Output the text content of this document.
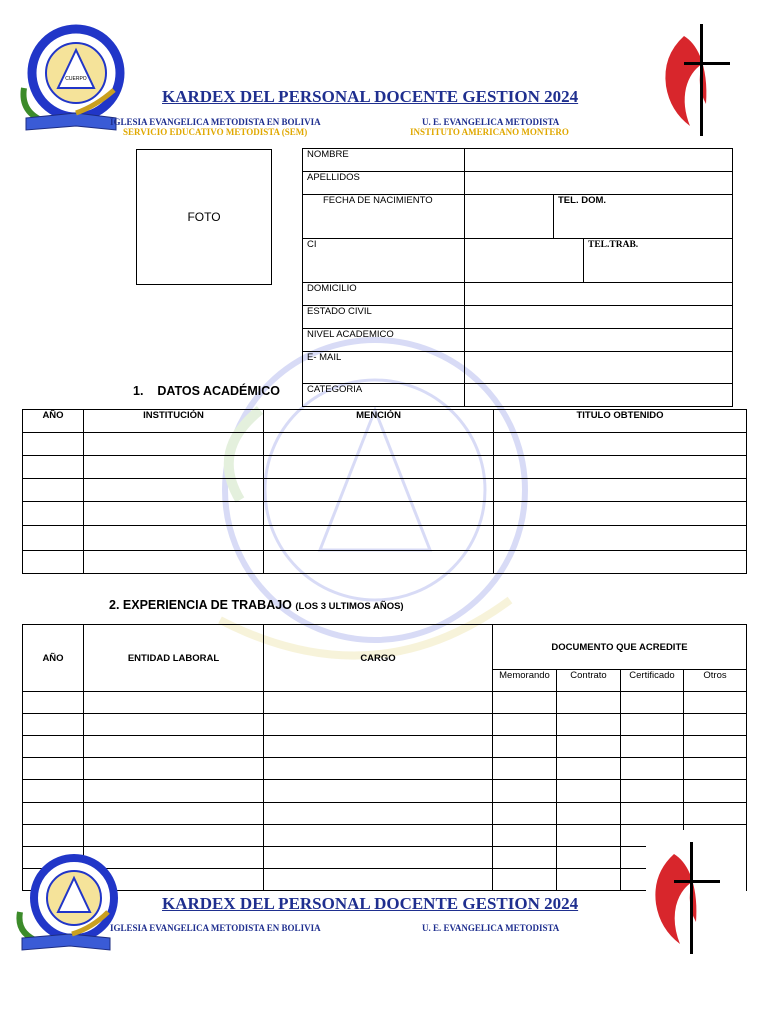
CUERPO
KARDEX DEL PERSONAL DOCENTE GESTION 2024
IGLESIA EVANGELICA METODISTA EN BOLIVIA
SERVICIO EDUCATIVO METODISTA (SEM)
U. E. EVANGELICA METODISTA
INSTITUTO AMERICANO MONTERO
FOTO
NOMBRE			
APELLIDOS			
FECHA DE NACIMIENTO		TEL. DOM.	
CI			TEL.TRAB.
DOMICILIO			
ESTADO CIVIL			
NIVEL ACADEMICO			
E- MAIL			
CATEGORIA			
1. DATOS ACADÉMICO
AÑO	INSTITUCIÓN	MENCIÓN	TITULO OBTENIDO

2. EXPERIENCIA DE TRABAJO (LOS 3 ULTIMOS AÑOS)
AÑO	ENTIDAD LABORAL	CARGO	DOCUMENTO QUE ACREDITE			
			Memorando	Contrato	Certificado	Otros

KARDEX DEL PERSONAL DOCENTE GESTION 2024
IGLESIA EVANGELICA METODISTA EN BOLIVIA	U. E. EVANGELICA METODISTA
